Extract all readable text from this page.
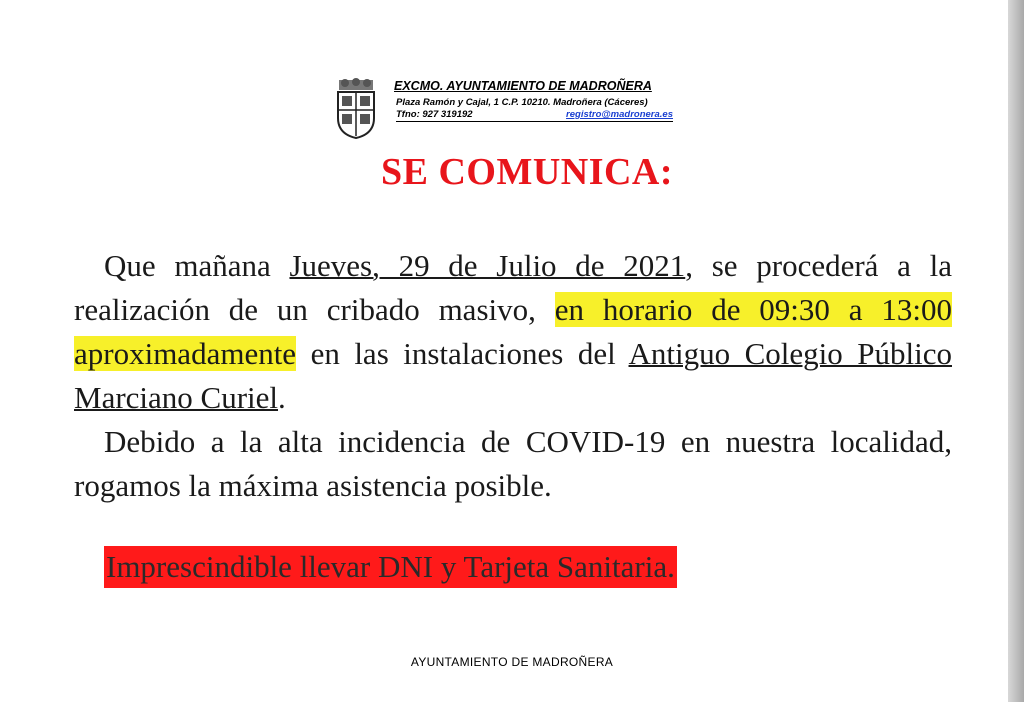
EXCMO. AYUNTAMIENTO DE MADROÑERA
Plaza Ramón y Cajal, 1 C.P. 10210. Madroñera (Cáceres)
Tfno: 927 319192	registro@madronera.es
SE COMUNICA:

Que mañana Jueves, 29 de Julio de 2021, se procederá a la realización de un cribado masivo, en horario de 09:30 a 13:00 aproximadamente en las instalaciones del Antiguo Colegio Público Marciano Curiel.

Debido a la alta incidencia de COVID-19 en nuestra localidad, rogamos la máxima asistencia posible.

Imprescindible llevar DNI y Tarjeta Sanitaria.
AYUNTAMIENTO DE MADROÑERA
